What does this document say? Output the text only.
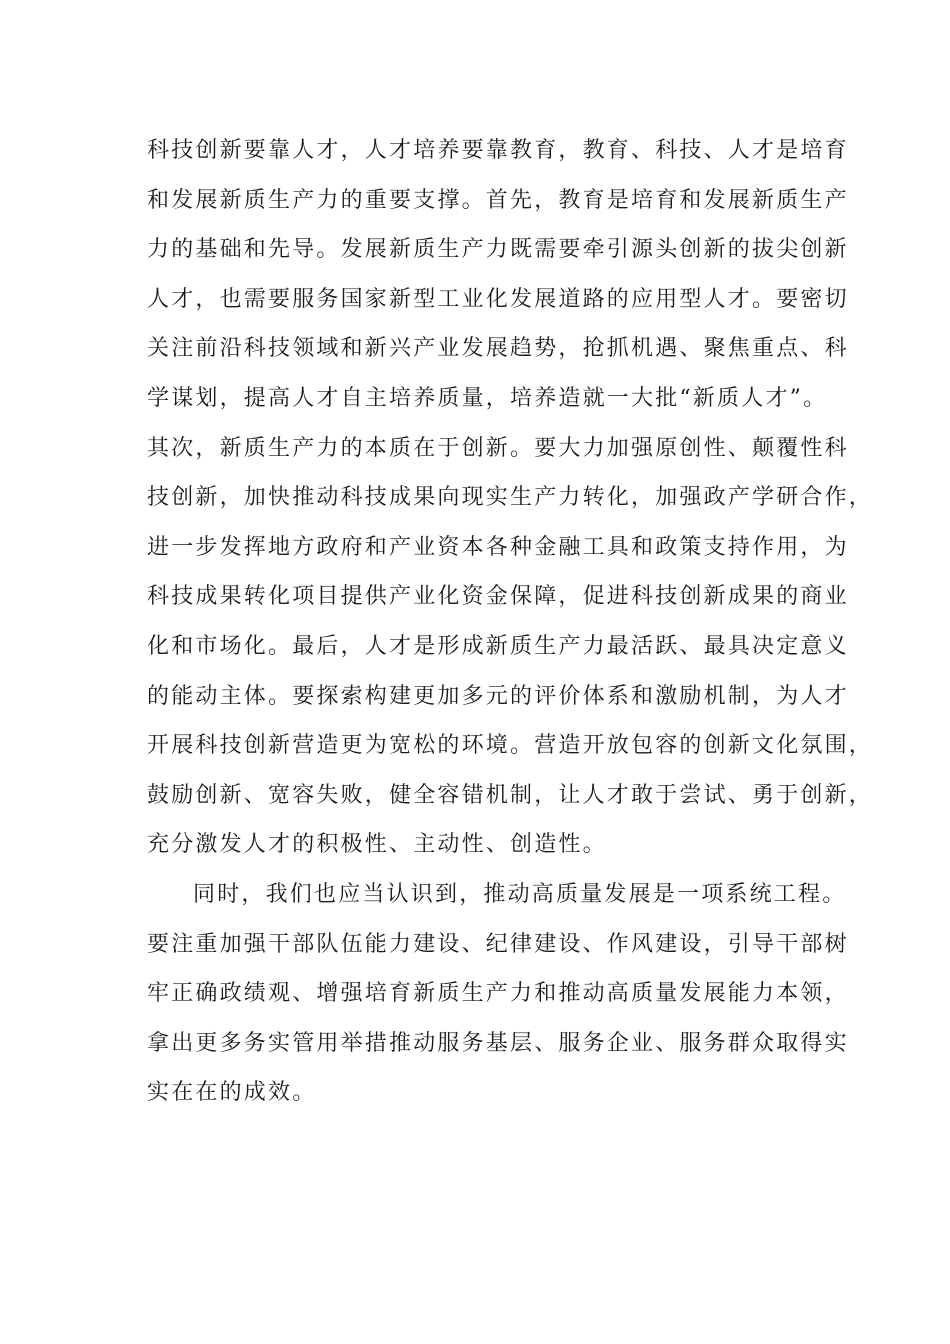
科技创新要靠人才，人才培养要靠教育，教育、科技、人才是培育
和发展新质生产力的重要支撑。首先，教育是培育和发展新质生产
力的基础和先导。发展新质生产力既需要牵引源头创新的拔尖创新
人才，也需要服务国家新型工业化发展道路的应用型人才。要密切
关注前沿科技领域和新兴产业发展趋势，抢抓机遇、聚焦重点、科
学谋划，提高人才自主培养质量，培养造就一大批“新质人才”。
其次，新质生产力的本质在于创新。要大力加强原创性、颠覆性科
技创新，加快推动科技成果向现实生产力转化，加强政产学研合作，
进一步发挥地方政府和产业资本各种金融工具和政策支持作用，为
科技成果转化项目提供产业化资金保障，促进科技创新成果的商业
化和市场化。最后，人才是形成新质生产力最活跃、最具决定意义
的能动主体。要探索构建更加多元的评价体系和激励机制，为人才
开展科技创新营造更为宽松的环境。营造开放包容的创新文化氛围，
鼓励创新、宽容失败，健全容错机制，让人才敢于尝试、勇于创新，
充分激发人才的积极性、主动性、创造性。
同时，我们也应当认识到，推动高质量发展是一项系统工程。
要注重加强干部队伍能力建设、纪律建设、作风建设，引导干部树
牢正确政绩观、增强培育新质生产力和推动高质量发展能力本领，
拿出更多务实管用举措推动服务基层、服务企业、服务群众取得实
实在在的成效。
